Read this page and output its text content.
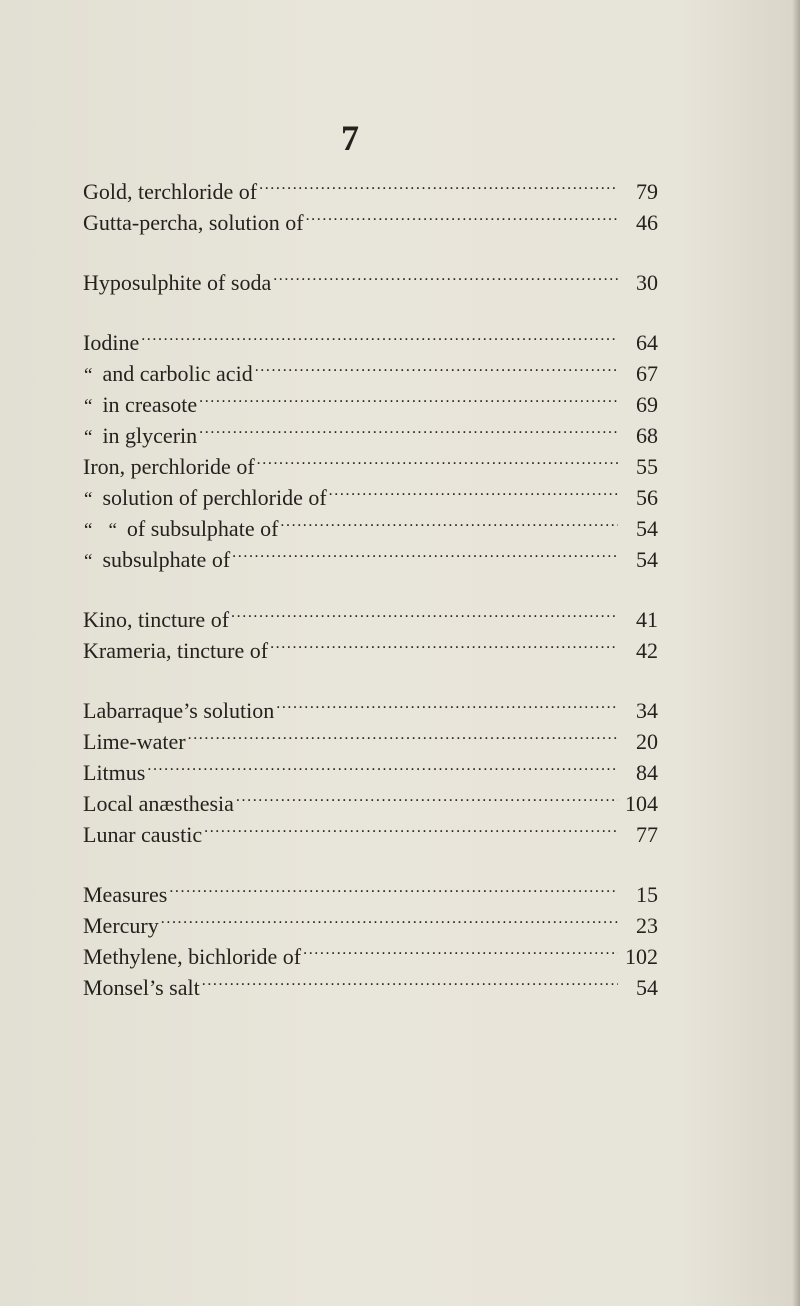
7
Gold, terchloride of .....	79
Gutta-percha, solution of .....	46
Hyposulphite of soda .....	30
Iodine .....	64
“ and carbolic acid .....	67
“ in creasote .....	69
“ in glycerin .....	68
Iron, perchloride of .....	55
“ solution of perchloride of .....	56
“ “ of subsulphate of .....	54
“ subsulphate of .....	54
Kino, tincture of .....	41
Krameria, tincture of .....	42
Labarraque’s solution .....	34
Lime-water .....	20
Litmus .....	84
Local anæsthesia .....	104
Lunar caustic .....	77
Measures .....	15
Mercury .....	23
Methylene, bichloride of .....	102
Monsel’s salt .....	54
